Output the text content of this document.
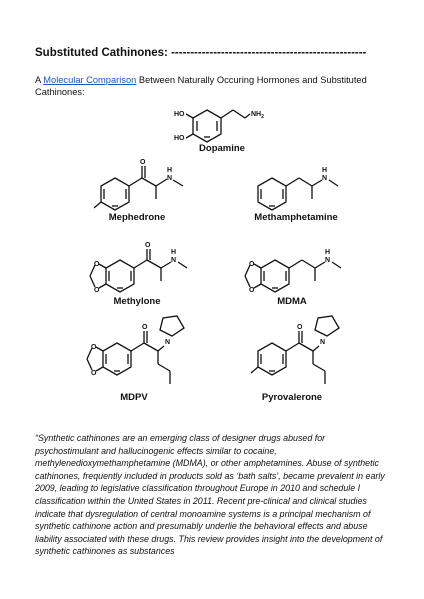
Substituted Cathinones: ---------------------------------------------------

A Molecular Comparison Between Naturally Occuring Hormones and Substituted Cathinones:

HO
HO
$NH_2$
O
H
N
H
N
O
O
O
H
N
O
O
H
N
N
O
O
O
N
O
Dopamine
Mephedrone	Methamphetamine
Methylone	MDMA
MDPV	Pyrovalerone

“Synthetic cathinones are an emerging class of designer drugs abused for psychostimulant and hallucinogenic effects similar to cocaine, methylenedioxymethamphetamine (MDMA), or other amphetamines. Abuse of synthetic cathinones, frequently included in products sold as ‘bath salts’, became prevalent in early 2009, leading to legislative classification throughout Europe in 2010 and schedule I classification within the United States in 2011. Recent pre-clinical and clinical studies indicate that dysregulation of central monoamine systems is a principal mechanism of synthetic cathinone action and presumably underlie the behavioral effects and abuse liability associated with these drugs. This review provides insight into the development of synthetic cathinones as substances
